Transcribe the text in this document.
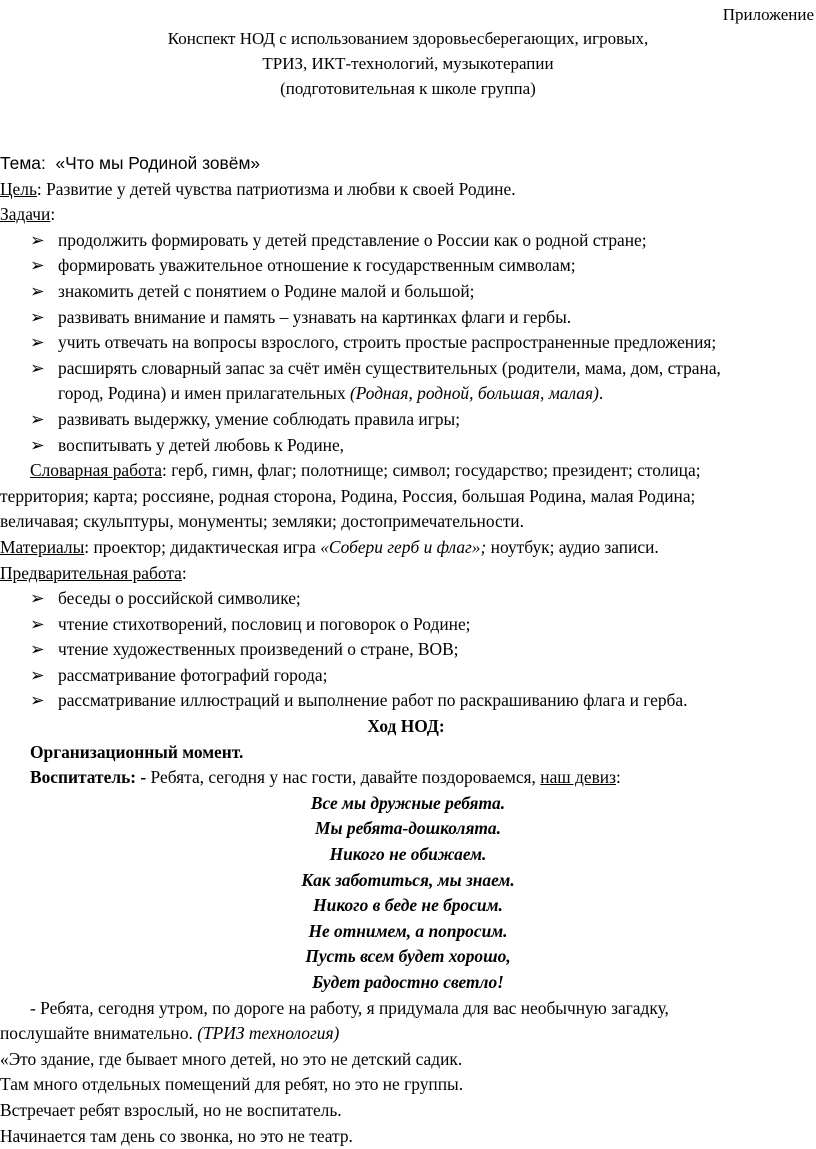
Приложение
Конспект НОД с использованием здоровьесберегающих, игровых,
ТРИЗ, ИКТ-технологий, музыкотерапии
(подготовительная к школе группа)
Тема: «Что мы Родиной зовём»
Цель: Развитие у детей чувства патриотизма и любви к своей Родине.
Задачи:
➢ продолжить формировать у детей представление о России как о родной стране;
➢ формировать уважительное отношение к государственным символам;
➢ знакомить детей с понятием о Родине малой и большой;
➢ развивать внимание и память – узнавать на картинках флаги и гербы.
➢ учить отвечать на вопросы взрослого, строить простые распространенные предложения;
➢ расширять словарный запас за счёт имён существительных (родители, мама, дом, страна,
город, Родина) и имен прилагательных (Родная, родной, большая, малая).
➢ развивать выдержку, умение соблюдать правила игры;
➢ воспитывать у детей любовь к Родине,
Словарная работа: герб, гимн, флаг; полотнище; символ; государство; президент; столица;
территория; карта; россияне, родная сторона, Родина, Россия, большая Родина, малая Родина;
величавая; скульптуры, монументы; земляки; достопримечательности.
Материалы: проектор; дидактическая игра «Собери герб и флаг»; ноутбук; аудио записи.
Предварительная работа:
➢ беседы о российской символике;
➢ чтение стихотворений, пословиц и поговорок о Родине;
➢ чтение художественных произведений о стране, ВОВ;
➢ рассматривание фотографий города;
➢ рассматривание иллюстраций и выполнение работ по раскрашиванию флага и герба.
Ход НОД:
Организационный момент.
Воспитатель: - Ребята, сегодня у нас гости, давайте поздороваемся, наш девиз:
Все мы дружные ребята.
Мы ребята-дошколята.
Никого не обижаем.
Как заботиться, мы знаем.
Никого в беде не бросим.
Не отнимем, а попросим.
Пусть всем будет хорошо,
Будет радостно светло!
- Ребята, сегодня утром, по дороге на работу, я придумала для вас необычную загадку,
послушайте внимательно. (ТРИЗ технология)
«Это здание, где бывает много детей, но это не детский садик.
Там много отдельных помещений для ребят, но это не группы.
Встречает ребят взрослый, но не воспитатель.
Начинается там день со звонка, но это не театр.
